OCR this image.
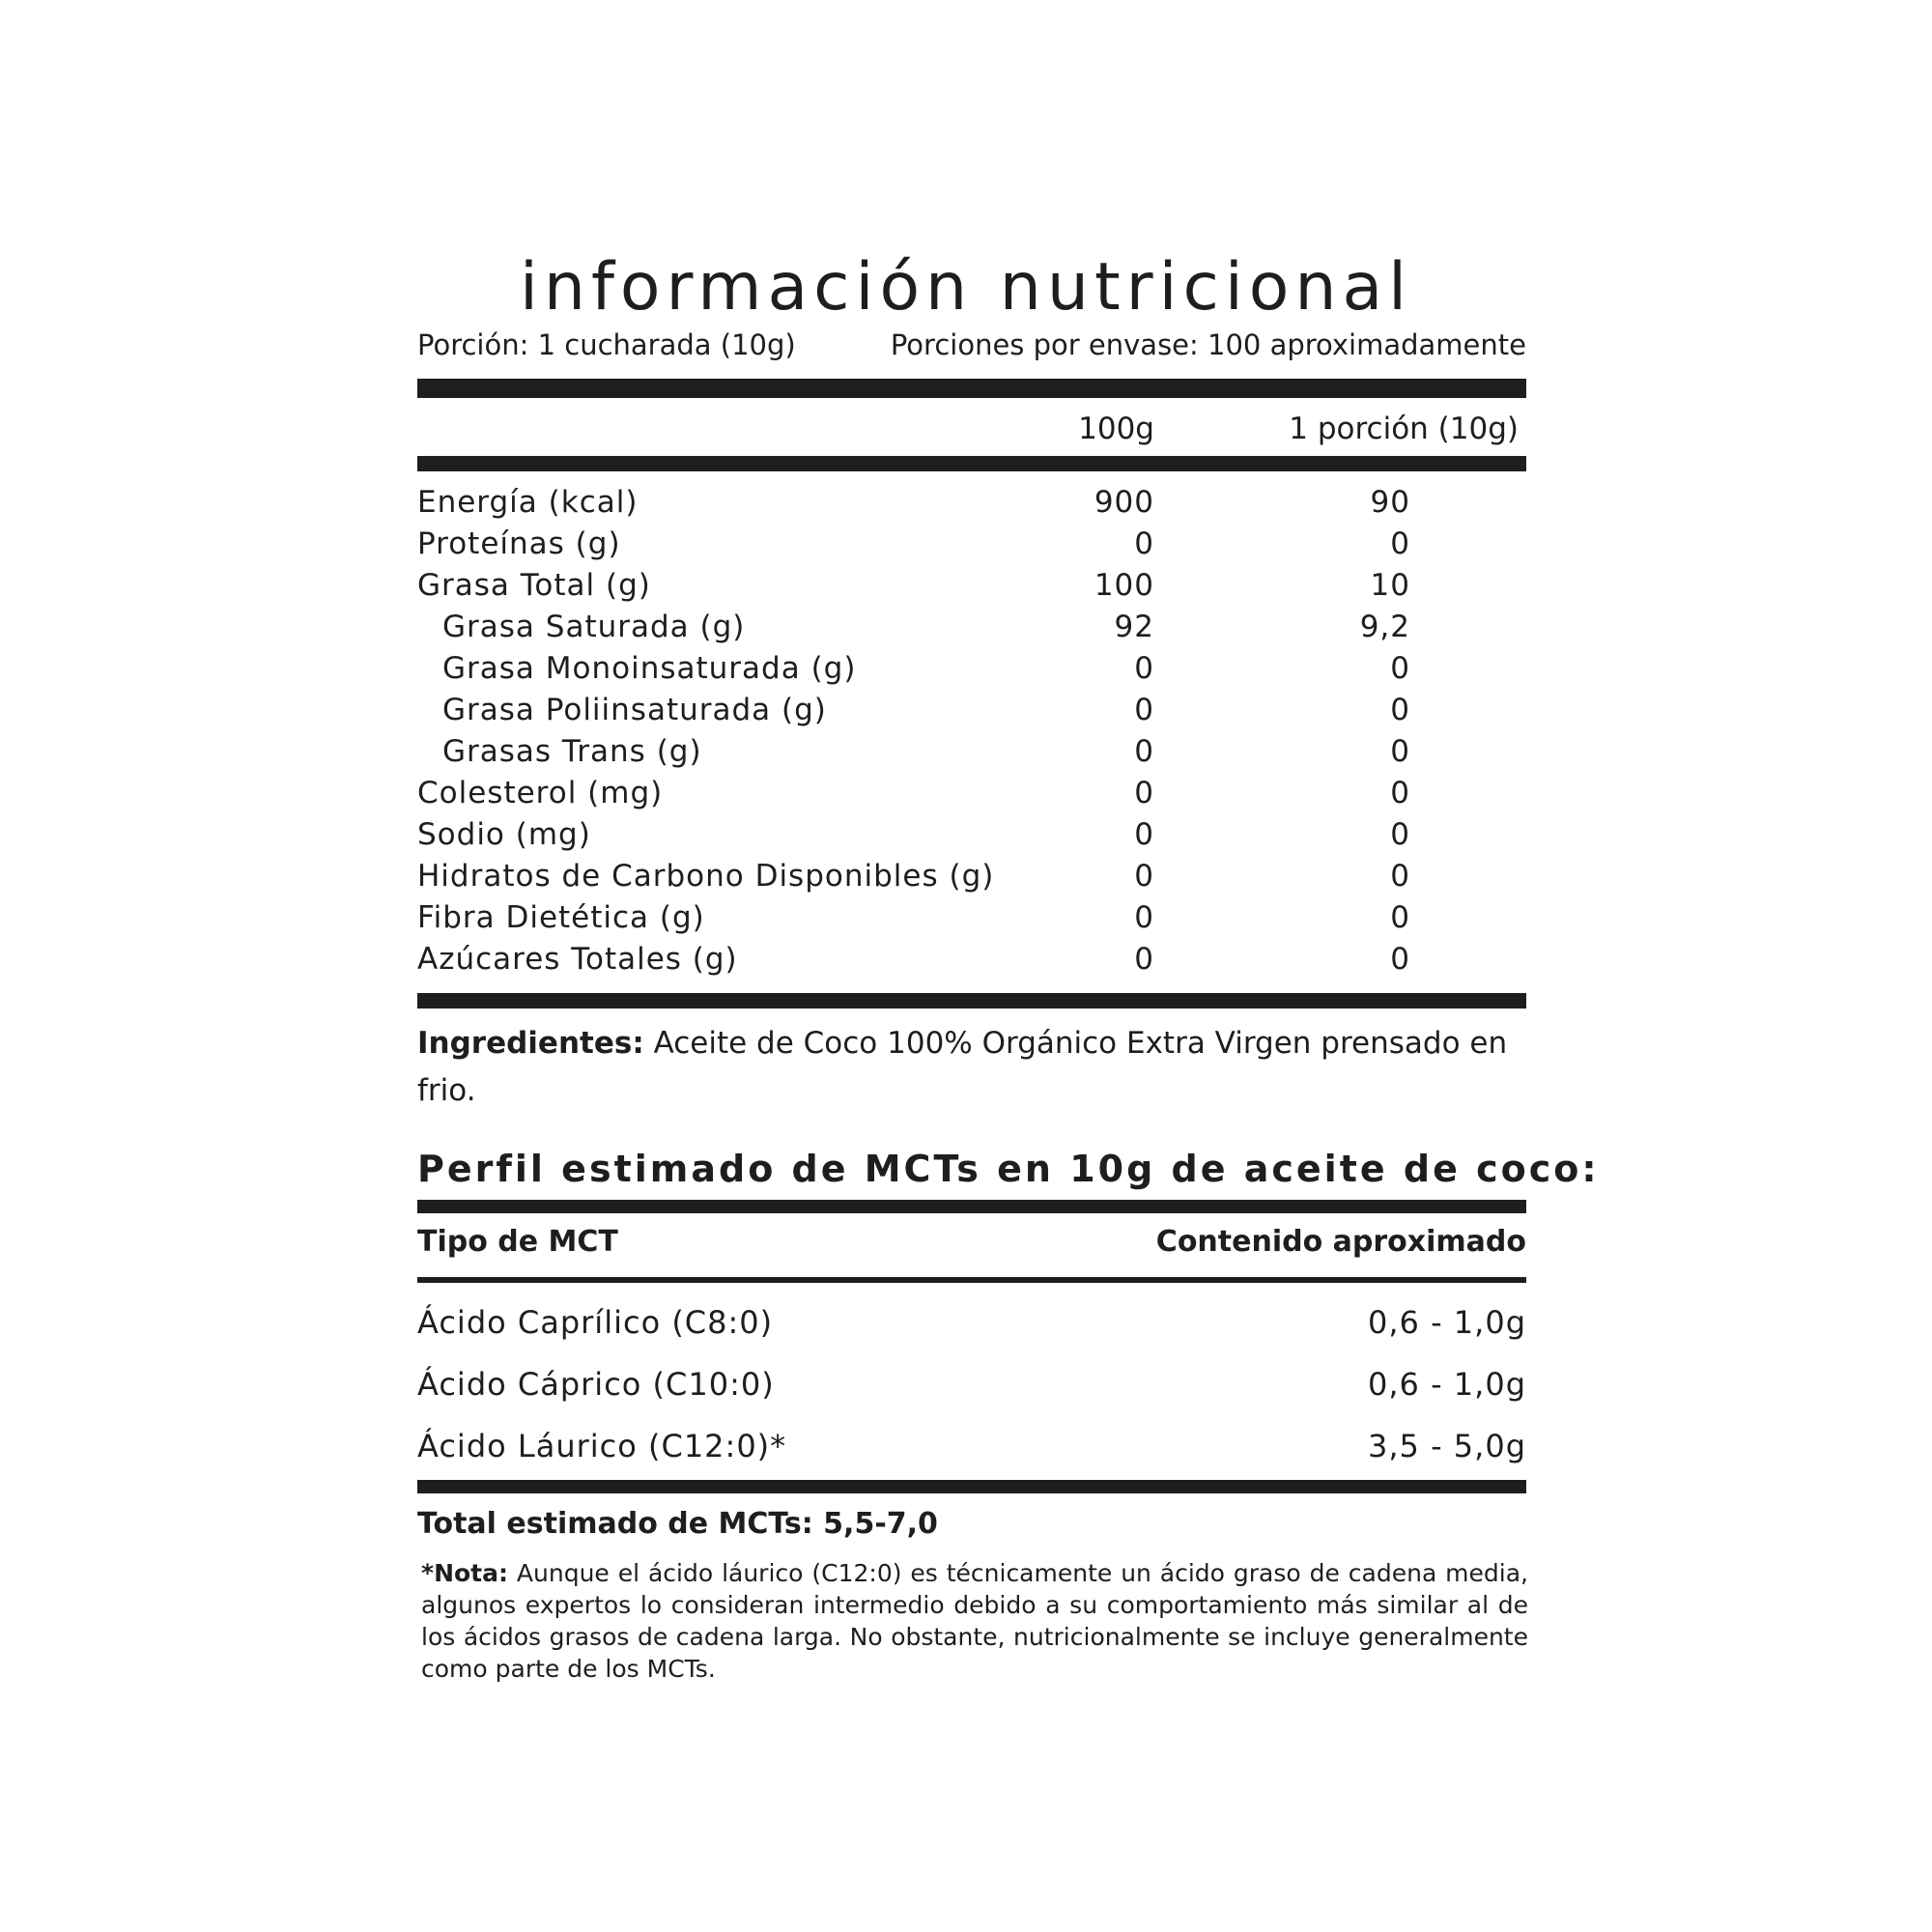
información nutricional
Porción: 1 cucharada (10g)	Porciones por envase: 100 aproximadamente
100g	1 porción (10g)
Energía (kcal)	900	90
Proteínas (g)	0	0
Grasa Total (g)	100	10
Grasa Saturada (g)	92	9,2
Grasa Monoinsaturada (g)	0	0
Grasa Poliinsaturada (g)	0	0
Grasas Trans (g)	0	0
Colesterol (mg)	0	0
Sodio (mg)	0	0
Hidratos de Carbono Disponibles (g)	0	0
Fibra Dietética (g)	0	0
Azúcares Totales (g)	0	0
Ingredientes: Aceite de Coco 100% Orgánico Extra Virgen prensado en frio.
Perfil estimado de MCTs en 10g de aceite de coco:
Tipo de MCT	Contenido aproximado
Ácido Caprílico (C8:0)	0,6 - 1,0g
Ácido Cáprico (C10:0)	0,6 - 1,0g
Ácido Láurico (C12:0)*	3,5 - 5,0g
Total estimado de MCTs: 5,5-7,0
*Nota: Aunque el ácido láurico (C12:0) es técnicamente un ácido graso de cadena media, algunos expertos lo consideran intermedio debido a su comportamiento más similar al de los ácidos grasos de cadena larga. No obstante, nutricionalmente se incluye generalmente como parte de los MCTs.
